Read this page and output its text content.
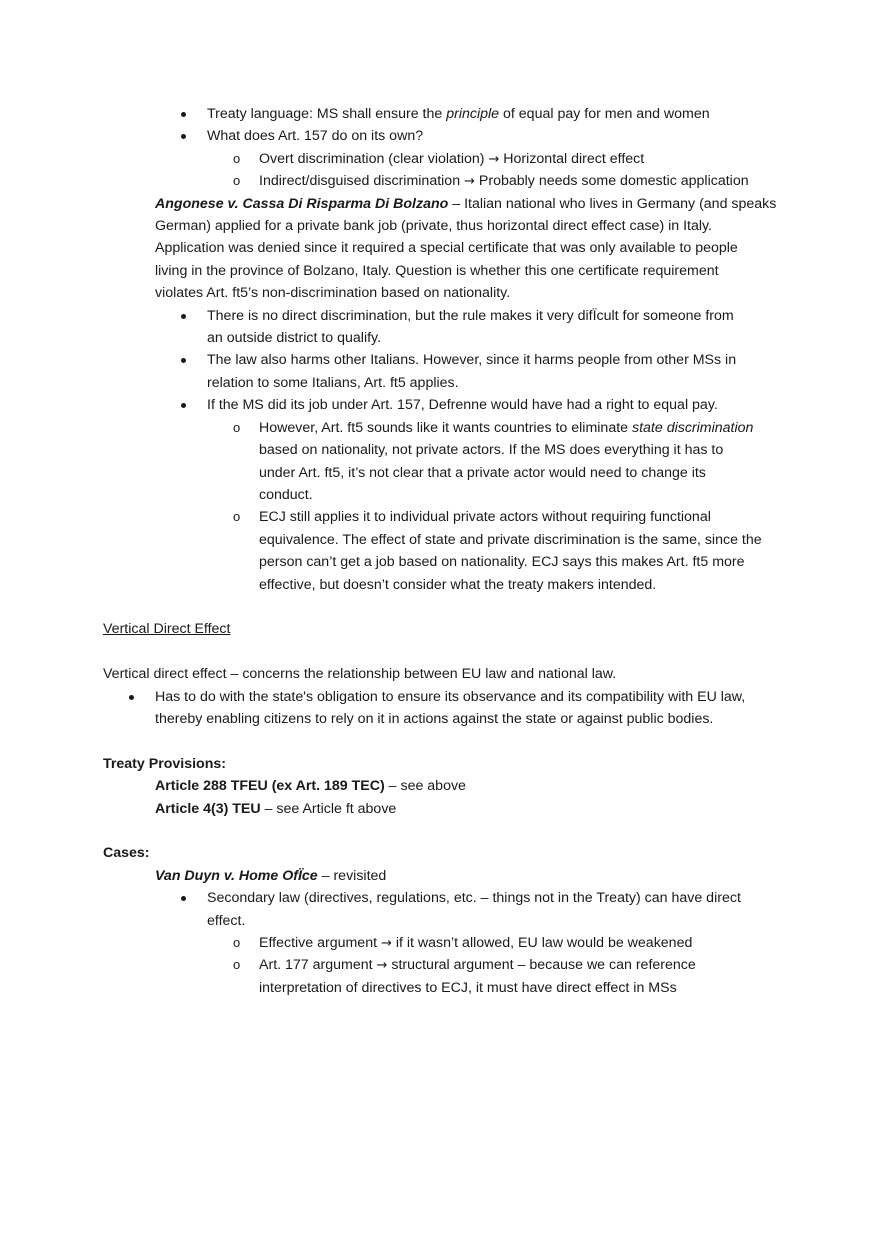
Treaty language: MS shall ensure the principle of equal pay for men and women

What does Art. 157 do on its own?

o Overt discrimination (clear violation) → Horizontal direct effect

o Indirect/disguised discrimination → Probably needs some domestic application

Angonese v. Cassa Di Risparma Di Bolzano – Italian national who lives in Germany (and speaks

German) applied for a private bank job (private, thus horizontal direct effect case) in Italy.

Application was denied since it required a special certificate that was only available to people

living in the province of Bolzano, Italy. Question is whether this one certificate requirement

violates Art. ft5’s non-discrimination based on nationality.

There is no direct discrimination, but the rule makes it very difÏcult for someone from

an outside district to qualify.

The law also harms other Italians. However, since it harms people from other MSs in

relation to some Italians, Art. ft5 applies.

If the MS did its job under Art. 157, Defrenne would have had a right to equal pay.

o However, Art. ft5 sounds like it wants countries to eliminate state discrimination

based on nationality, not private actors. If the MS does everything it has to

under Art. ft5, it’s not clear that a private actor would need to change its

conduct.

o ECJ still applies it to individual private actors without requiring functional

equivalence. The effect of state and private discrimination is the same, since the

person can’t get a job based on nationality. ECJ says this makes Art. ft5 more

effective, but doesn’t consider what the treaty makers intended.

Vertical Direct Effect

Vertical direct effect – concerns the relationship between EU law and national law.

Has to do with the state's obligation to ensure its observance and its compatibility with EU law,

thereby enabling citizens to rely on it in actions against the state or against public bodies.

Treaty Provisions:

Article 288 TFEU (ex Art. 189 TEC) – see above

Article 4(3) TEU – see Article ft above

Cases:

Van Duyn v. Home OfÏce – revisited

Secondary law (directives, regulations, etc. – things not in the Treaty) can have direct

effect.

o Effective argument → if it wasn’t allowed, EU law would be weakened

o Art. 177 argument → structural argument – because we can reference

interpretation of directives to ECJ, it must have direct effect in MSs
